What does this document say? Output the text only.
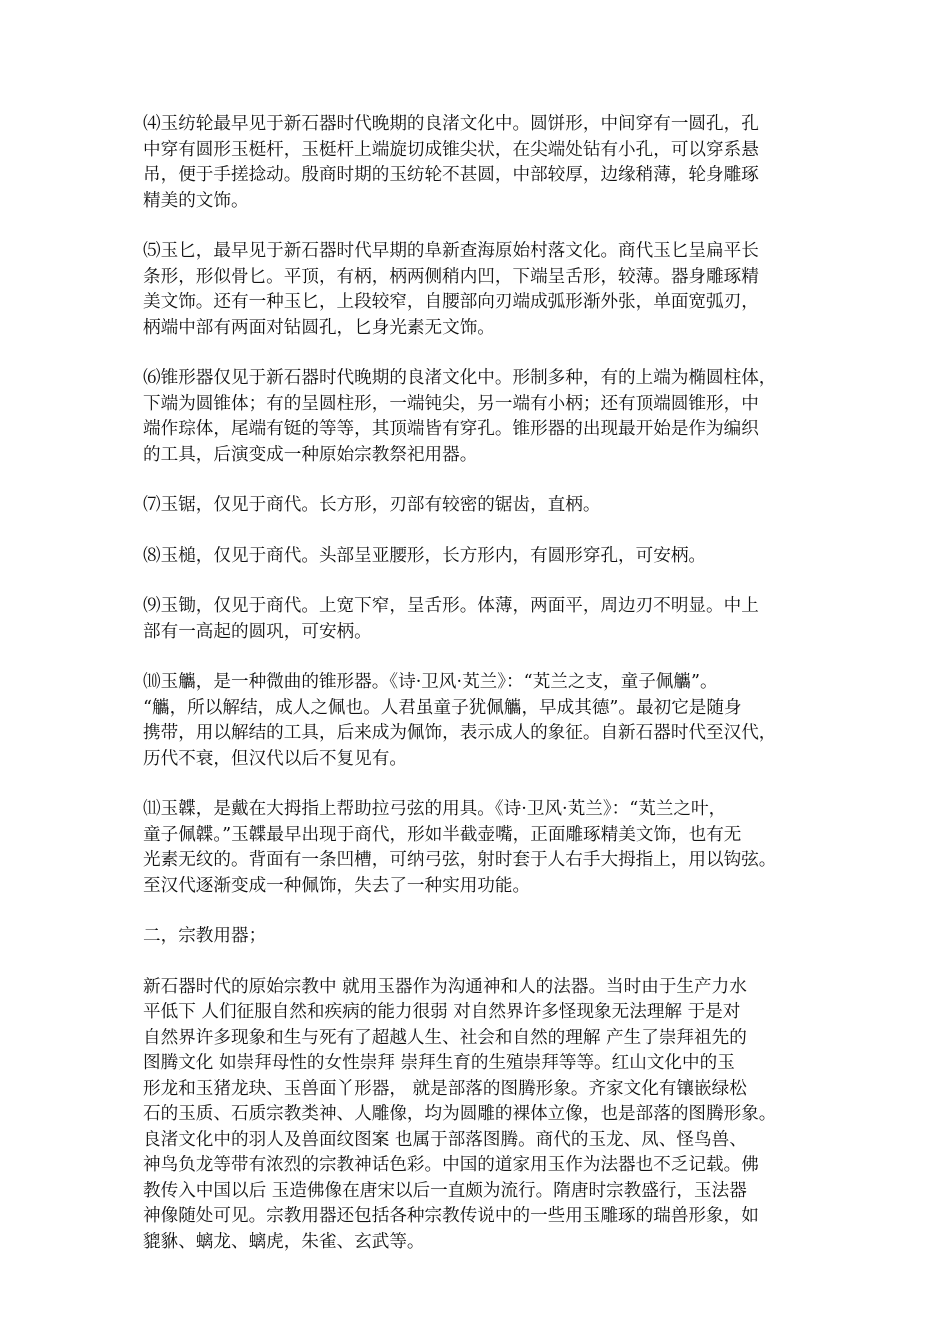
⑷玉纺轮最早见于新石器时代晚期的良渚文化中。圆饼形，中间穿有一圆孔，孔
中穿有圆形玉梃杆，玉梃杆上端旋切成锥尖状，在尖端处钻有小孔，可以穿系悬
吊，便于手搓捻动。殷商时期的玉纺轮不甚圆，中部较厚，边缘稍薄，轮身雕琢
精美的文饰。

⑸玉匕，最早见于新石器时代早期的阜新查海原始村落文化。商代玉匕呈扁平长
条形，形似骨匕。平顶，有柄，柄两侧稍内凹，下端呈舌形，较薄。器身雕琢精
美文饰。还有一种玉匕，上段较窄，自腰部向刃端成弧形渐外张，单面宽弧刃，
柄端中部有两面对钻圆孔，匕身光素无文饰。

⑹锥形器仅见于新石器时代晚期的良渚文化中。形制多种，有的上端为椭圆柱体，
下端为圆锥体；有的呈圆柱形，一端钝尖，另一端有小柄；还有顶端圆锥形，中
端作琮体，尾端有铤的等等，其顶端皆有穿孔。锥形器的出现最开始是作为编织
的工具，后演变成一种原始宗教祭祀用器。

⑺玉锯，仅见于商代。长方形，刃部有较密的锯齿，直柄。

⑻玉槌，仅见于商代。头部呈亚腰形，长方形内，有圆形穿孔，可安柄。

⑼玉锄，仅见于商代。上宽下窄，呈舌形。体薄，两面平，周边刃不明显。中上
部有一高起的圆巩，可安柄。

⑽玉觿，是一种微曲的锥形器。《诗·卫风·芄兰》：“芄兰之支，童子佩觿”。
“觿，所以解结，成人之佩也。人君虽童子犹佩觿，早成其德”。最初它是随身
携带，用以解结的工具，后来成为佩饰，表示成人的象征。自新石器时代至汉代，
历代不衰，但汉代以后不复见有。

⑾玉韘，是戴在大拇指上帮助拉弓弦的用具。《诗·卫风·芄兰》：“芄兰之叶，
童子佩韘。”玉韘最早出现于商代，形如半截壶嘴，正面雕琢精美文饰，也有无
光素无纹的。背面有一条凹槽，可纳弓弦，射时套于人右手大拇指上，用以钩弦。
至汉代逐渐变成一种佩饰，失去了一种实用功能。

二，宗教用器；

新石器时代的原始宗教中 就用玉器作为沟通神和人的法器。当时由于生产力水
平低下 人们征服自然和疾病的能力很弱 对自然界许多怪现象无法理解 于是对
自然界许多现象和生与死有了超越人生、社会和自然的理解 产生了崇拜祖先的
图腾文化 如崇拜母性的女性崇拜 崇拜生育的生殖崇拜等等。红山文化中的玉
形龙和玉猪龙玦、玉兽面丫形器， 就是部落的图腾形象。齐家文化有镶嵌绿松
石的玉质、石质宗教类神、人雕像，均为圆雕的裸体立像，也是部落的图腾形象。
良渚文化中的羽人及兽面纹图案 也属于部落图腾。商代的玉龙、凤、怪鸟兽、
神鸟负龙等带有浓烈的宗教神话色彩。中国的道家用玉作为法器也不乏记载。佛
教传入中国以后 玉造佛像在唐宋以后一直颇为流行。隋唐时宗教盛行，玉法器
神像随处可见。宗教用器还包括各种宗教传说中的一些用玉雕琢的瑞兽形象，如
貔貅、螭龙、螭虎，朱雀、玄武等。
